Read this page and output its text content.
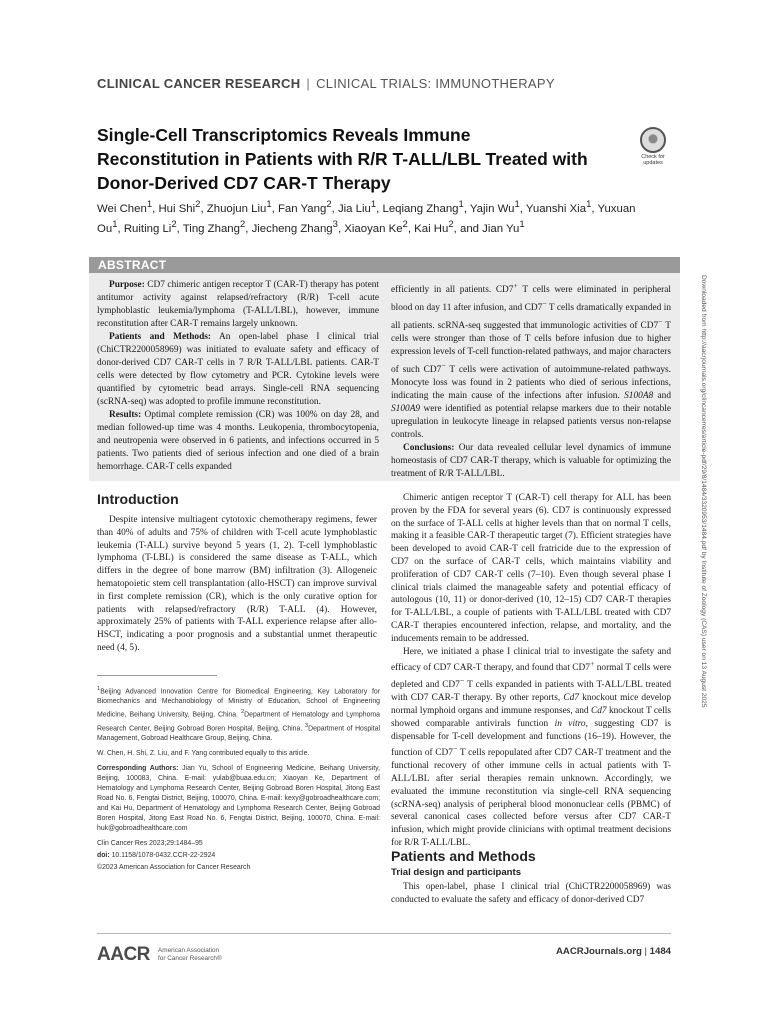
CLINICAL CANCER RESEARCH | CLINICAL TRIALS: IMMUNOTHERAPY
Single-Cell Transcriptomics Reveals Immune Reconstitution in Patients with R/R T-ALL/LBL Treated with Donor-Derived CD7 CAR-T Therapy
Check for
updates
Wei Chen$^1$, Hui Shi$^2$, Zhuojun Liu$^1$, Fan Yang$^2$, Jia Liu$^1$, Leqiang Zhang$^1$, Yajin Wu$^1$, Yuanshi Xia$^1$, Yuxuan Ou$^1$, Ruiting Li$^2$, Ting Zhang$^2$, Jiecheng Zhang$^3$, Xiaoyan Ke$^2$, Kai Hu$^2$, and Jian Yu$^1$
ABSTRACT

Purpose: CD7 chimeric antigen receptor T (CAR-T) therapy has potent antitumor activity against relapsed/refractory (R/R) T-cell acute lymphoblastic leukemia/lymphoma (T-ALL/LBL), however, immune reconstitution after CAR-T remains largely unknown.

Patients and Methods: An open-label phase I clinical trial (ChiCTR2200058969) was initiated to evaluate safety and efficacy of donor-derived CD7 CAR-T cells in 7 R/R T-ALL/LBL patients. CAR-T cells were detected by flow cytometry and PCR. Cytokine levels were quantified by cytometric bead arrays. Single-cell RNA sequencing (scRNA-seq) was adopted to profile immune reconstitution.

Results: Optimal complete remission (CR) was 100% on day 28, and median followed-up time was 4 months. Leukopenia, thrombocytopenia, and neutropenia were observed in 6 patients, and infections occurred in 5 patients. Two patients died of serious infection and one died of a brain hemorrhage. CAR-T cells expanded

efficiently in all patients. CD7+ T cells were eliminated in peripheral blood on day 11 after infusion, and CD7− T cells dramatically expanded in all patients. scRNA-seq suggested that immunologic activities of CD7− T cells were stronger than those of T cells before infusion due to higher expression levels of T-cell function-related pathways, and major characters of such CD7− T cells were activation of autoimmune-related pathways. Monocyte loss was found in 2 patients who died of serious infections, indicating the main cause of the infections after infusion. S100A8 and S100A9 were identified as potential relapse markers due to their notable upregulation in leukocyte lineage in relapsed patients versus non-relapse controls.

Conclusions: Our data revealed cellular level dynamics of immune homeostasis of CD7 CAR-T therapy, which is valuable for optimizing the treatment of R/R T-ALL/LBL.	Downloaded from http://aacrjournals.org/clincancerres/article-pdf/29/8/1484/3320953/1484.pdf by Institute of Zoology (CAS) user on 13 August 2025
Introduction

Despite intensive multiagent cytotoxic chemotherapy regimens, fewer than 40% of adults and 75% of children with T-cell acute lymphoblastic leukemia (T-ALL) survive beyond 5 years (1, 2). T-cell lymphoblastic lymphoma (T-LBL) is considered the same disease as T-ALL, which differs in the degree of bone marrow (BM) infiltration (3). Allogeneic hematopoietic stem cell transplantation (allo-HSCT) can improve survival in first complete remission (CR), which is the only curative option for patients with relapsed/refractory (R/R) T-ALL (4). However, approximately 25% of patients with T-ALL experience relapse after allo-HSCT, indicating a poor prognosis and a substantial unmet therapeutic need (4, 5).

$^1$Beijing Advanced Innovation Centre for Biomedical Engineering, Key Laboratory for Biomechanics and Mechanobiology of Ministry of Education, School of Engineering Medicine, Beihang University, Beijing, China. $^2$Department of Hematology and Lymphoma Research Center, Beijing Gobroad Boren Hospital, Beijing, China. $^3$Department of Hospital Management, Gobroad Healthcare Group, Beijing, China.

W. Chen, H. Shi, Z. Liu, and F. Yang contributed equally to this article.

Corresponding Authors: Jian Yu, School of Engineering Medicine, Beihang University, Beijing, 100083, China. E-mail: yulab@buaa.edu.cn; Xiaoyan Ke, Department of Hematology and Lymphoma Research Center, Beijing Gobroad Boren Hospital, Jitong East Road No. 6, Fengtai District, Beijing, 100070, China. E-mail: kexy@gobroadhealthcare.com; and Kai Hu, Department of Hematology and Lymphoma Research Center, Beijing Gobroad Boren Hospital, Jitong East Road No. 6, Fengtai District, Beijing, 100070, China. E-mail: huk@gobroadhealthcare.com

Clin Cancer Res 2023;29:1484–95

doi: 10.1158/1078-0432.CCR-22-2924

©2023 American Association for Cancer Research

Chimeric antigen receptor T (CAR-T) cell therapy for ALL has been proven by the FDA for several years (6). CD7 is continuously expressed on the surface of T-ALL cells at higher levels than that on normal T cells, making it a feasible CAR-T therapeutic target (7). Efficient strategies have been developed to avoid CAR-T cell fratricide due to the expression of CD7 on the surface of CAR-T cells, which maintains viability and proliferation of CD7 CAR-T cells (7–10). Even though several phase I clinical trials claimed the manageable safety and potential efficacy of autologous (10, 11) or donor-derived (10, 12–15) CD7 CAR-T therapies for T-ALL/LBL, a couple of patients with T-ALL/LBL treated with CD7 CAR-T therapies encountered infection, relapse, and mortality, and the inducements remain to be addressed.

Here, we initiated a phase I clinical trial to investigate the safety and efficacy of CD7 CAR-T therapy, and found that CD7+ normal T cells were depleted and CD7− T cells expanded in patients with T-ALL/LBL treated with CD7 CAR-T therapy. By other reports, Cd7 knockout mice develop normal lymphoid organs and immune responses, and Cd7 knockout T cells showed comparable antivirals function in vitro, suggesting CD7 is dispensable for T-cell development and functions (16–19). However, the function of CD7− T cells repopulated after CD7 CAR-T treatment and the functional recovery of other immune cells in actual patients with T-ALL/LBL after serial therapies remain unknown. Accordingly, we evaluated the immune reconstitution via single-cell RNA sequencing (scRNA-seq) analysis of peripheral blood mononuclear cells (PBMC) of several canonical cases collected before versus after CD7 CAR-T infusion, which might provide clinicians with optimal treatment decisions for R/R T-ALL/LBL.

Patients and Methods
Trial design and participants

This open-label, phase I clinical trial (ChiCTR2200058969) was conducted to evaluate the safety and efficacy of donor-derived CD7

AACR American Association
for Cancer Research®
AACRJournals.org | 1484
